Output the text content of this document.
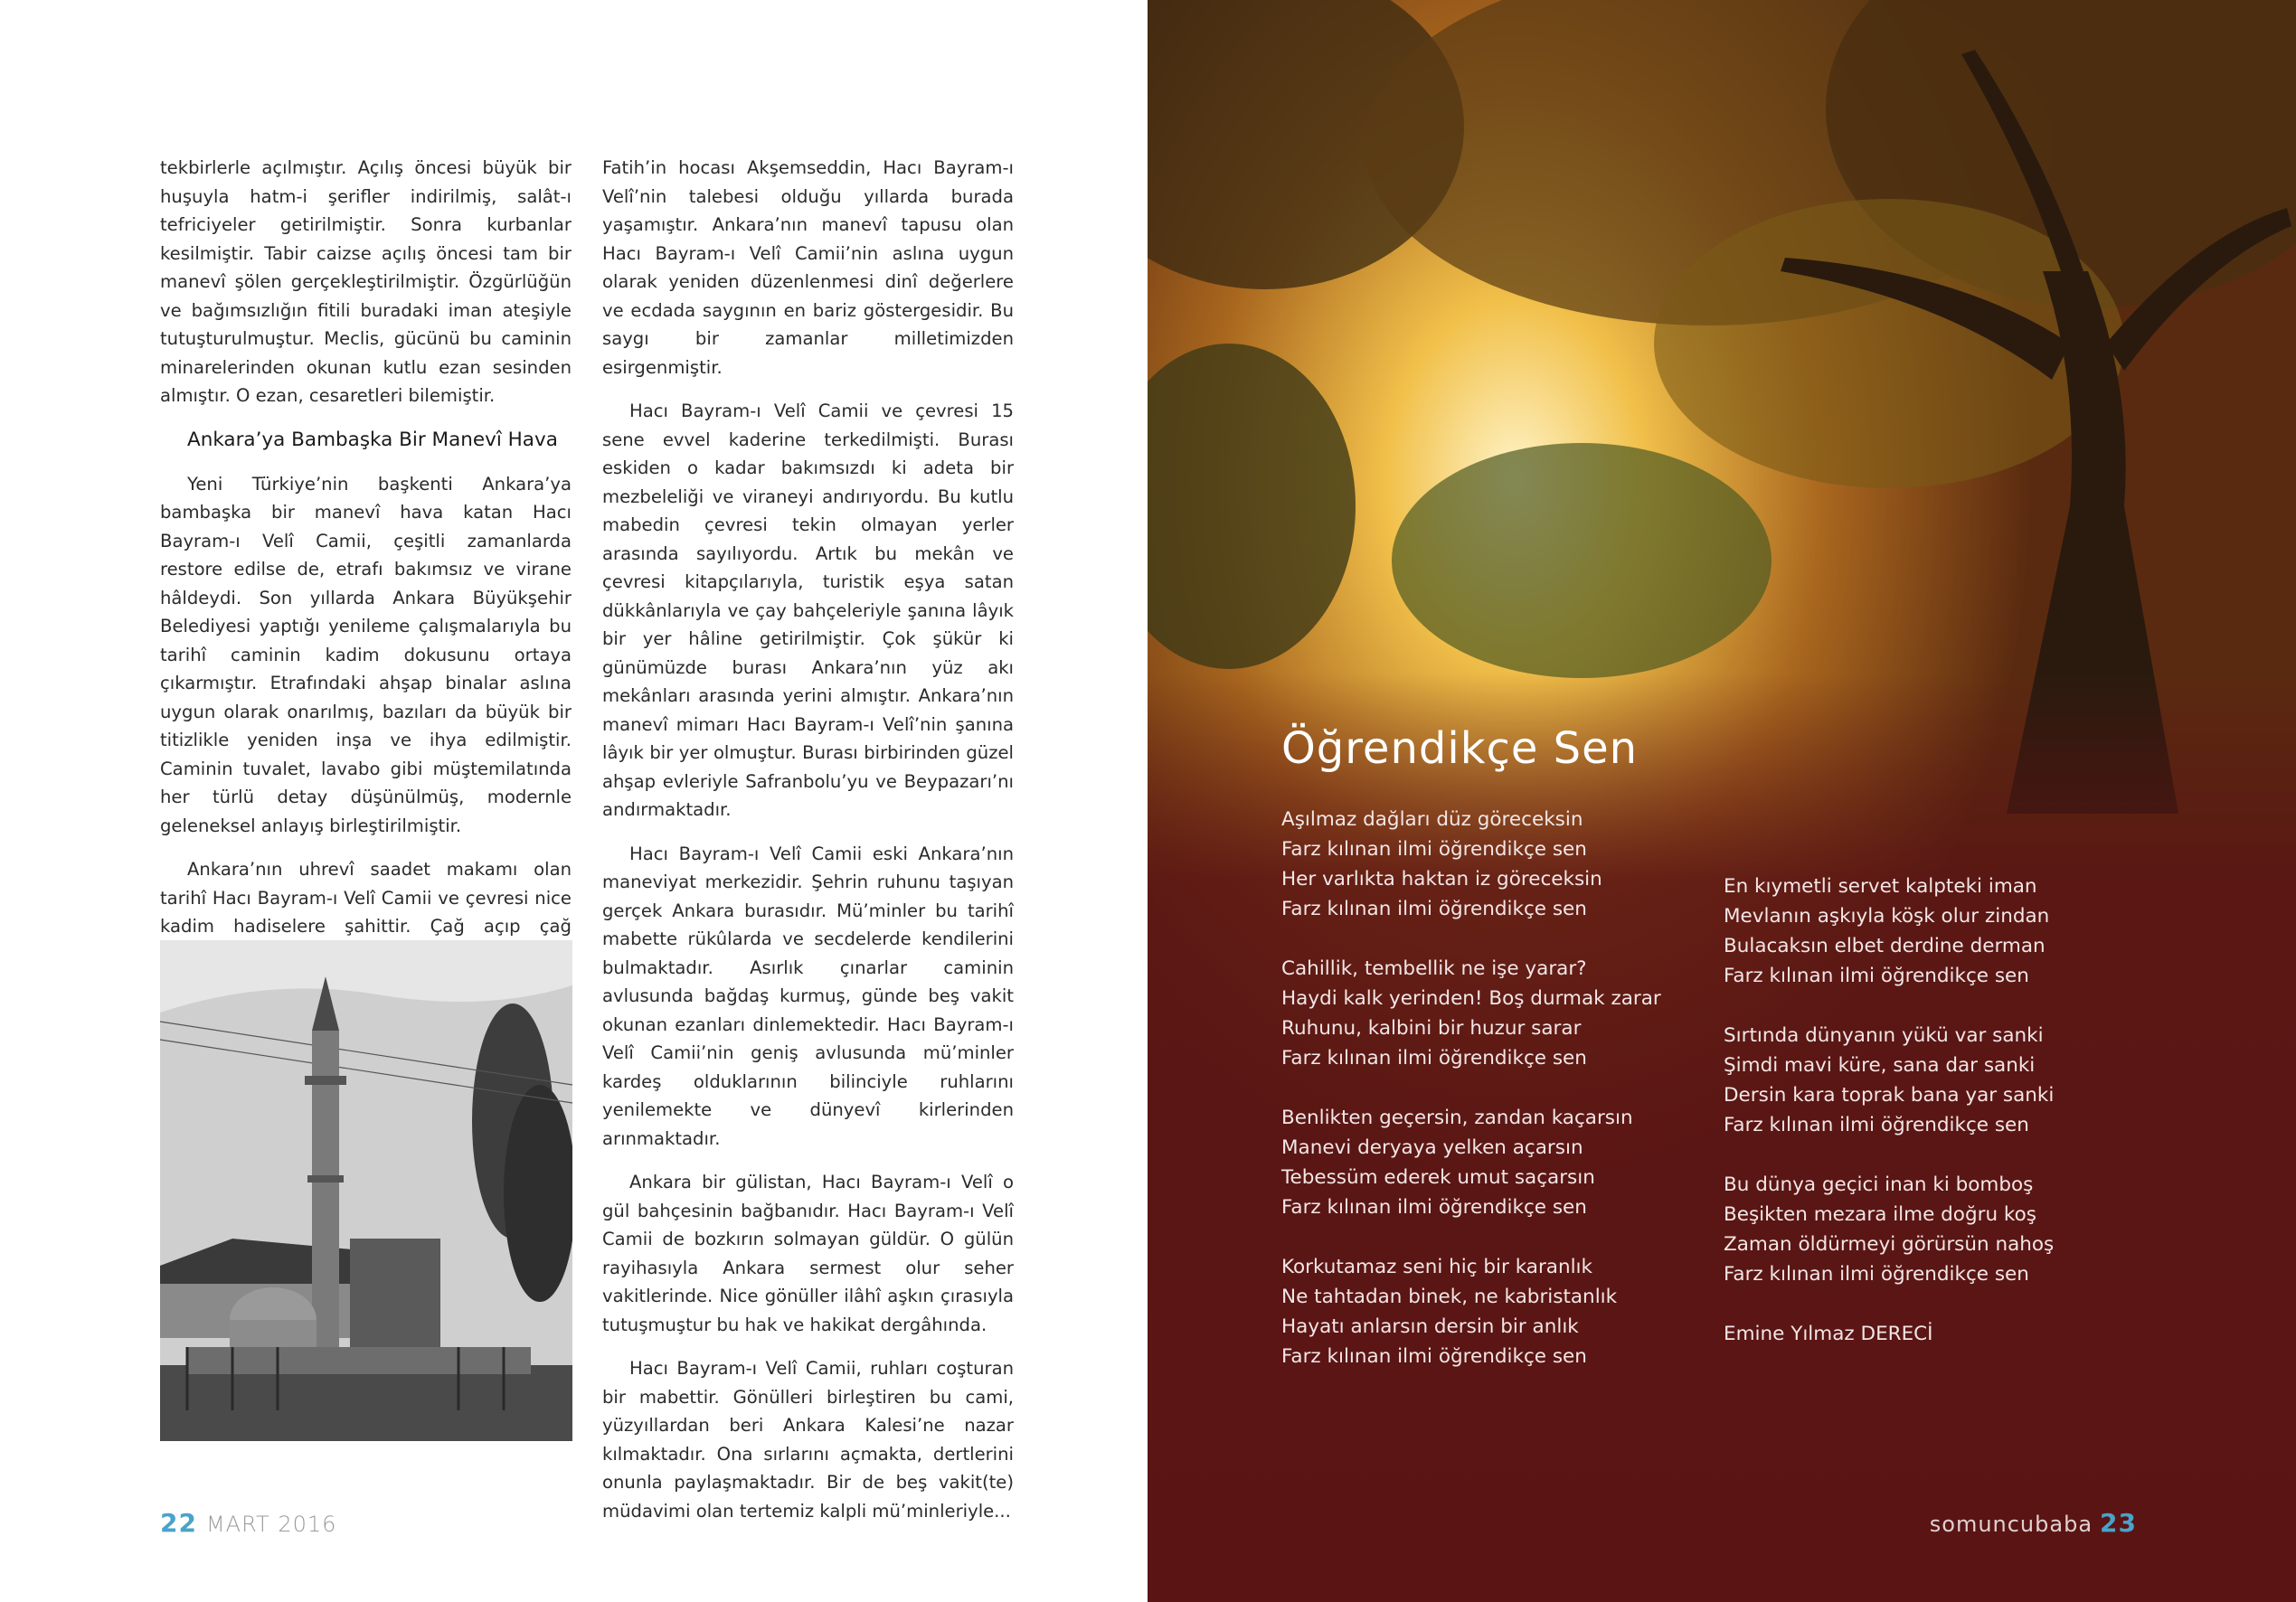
tekbirlerle açılmıştır. Açılış öncesi büyük bir huşuyla hatm-i şerifler indirilmiş, salât-ı tefriciyeler getirilmiştir. Sonra kurbanlar kesilmiştir. Tabir caizse açılış öncesi tam bir manevî şölen gerçekleştirilmiştir. Özgürlüğün ve bağımsızlığın fitili buradaki iman ateşiyle tutuşturulmuştur. Meclis, gücünü bu caminin minarelerinden okunan kutlu ezan sesinden almıştır. O ezan, cesaretleri bilemiştir.

Ankara’ya Bambaşka Bir Manevî Hava

Yeni Türkiye’nin başkenti Ankara’ya bambaşka bir manevî hava katan Hacı Bayram-ı Velî Camii, çeşitli zamanlarda restore edilse de, etrafı bakımsız ve virane hâldeydi. Son yıllarda Ankara Büyükşehir Belediyesi yaptığı yenileme çalışmalarıyla bu tarihî caminin kadim dokusunu ortaya çıkarmıştır. Etrafındaki ahşap binalar aslına uygun olarak onarılmış, bazıları da büyük bir titizlikle yeniden inşa ve ihya edilmiştir. Caminin tuvalet, lavabo gibi müştemilatında her türlü detay düşünülmüş, modernle geleneksel anlayış birleştirilmiştir.

Ankara’nın uhrevî saadet makamı olan tarihî Hacı Bayram-ı Velî Camii ve çevresi nice kadim hadiselere şahittir. Çağ açıp çağ

Fatih’in hocası Akşemseddin, Hacı Bayram-ı Velî’nin talebesi olduğu yıllarda burada yaşamıştır. Ankara’nın manevî tapusu olan Hacı Bayram-ı Velî Camii’nin aslına uygun olarak yeniden düzenlenmesi dinî değerlere ve ecdada saygının en bariz göstergesidir. Bu saygı bir zamanlar milletimizden esirgenmiştir.

Hacı Bayram-ı Velî Camii ve çevresi 15 sene evvel kaderine terkedilmişti. Burası eskiden o kadar bakımsızdı ki adeta bir mezbeleliği ve viraneyi andırıyordu. Bu kutlu mabedin çevresi tekin olmayan yerler arasında sayılıyordu. Artık bu mekân ve çevresi kitapçılarıyla, turistik eşya satan dükkânlarıyla ve çay bahçeleriyle şanına lâyık bir yer hâline getirilmiştir. Çok şükür ki günümüzde burası Ankara’nın yüz akı mekânları arasında yerini almıştır. Ankara’nın manevî mimarı Hacı Bayram-ı Velî’nin şanına lâyık bir yer olmuştur. Burası birbirinden güzel ahşap evleriyle Safranbolu’yu ve Beypazarı’nı andırmaktadır.

Hacı Bayram-ı Velî Camii eski Ankara’nın maneviyat merkezidir. Şehrin ruhunu taşıyan gerçek Ankara burasıdır. Mü’minler bu tarihî mabette rükûlarda ve secdelerde kendilerini bulmaktadır. Asırlık çınarlar caminin avlusunda bağdaş kurmuş, günde beş vakit okunan ezanları dinlemektedir. Hacı Bayram-ı Velî Camii’nin geniş avlusunda mü’minler kardeş olduklarının bilinciyle ruhlarını yenilemekte ve dünyevî kirlerinden arınmaktadır.

Ankara bir gülistan, Hacı Bayram-ı Velî o gül bahçesinin bağbanıdır. Hacı Bayram-ı Velî Camii de bozkırın solmayan güldür. O gülün rayihasıyla Ankara sermest olur seher vakitlerinde. Nice gönüller ilâhî aşkın çırasıyla tutuşmuştur bu hak ve hakikat dergâhında.

Hacı Bayram-ı Velî Camii, ruhları coşturan bir mabettir. Gönülleri birleştiren bu cami, yüzyıllardan beri Ankara Kalesi’ne nazar kılmaktadır. Ona sırlarını açmakta, dertlerini onunla paylaşmaktadır. Bir de beş vakit(te) müdavimi olan tertemiz kalpli mü’minleriyle...

22 MART 2016
Öğrendikçe Sen
Aşılmaz dağları düz göreceksin
Farz kılınan ilmi öğrendikçe sen
Her varlıkta haktan iz göreceksin
Farz kılınan ilmi öğrendikçe sen
Cahillik, tembellik ne işe yarar?
Haydi kalk yerinden! Boş durmak zarar
Ruhunu, kalbini bir huzur sarar
Farz kılınan ilmi öğrendikçe sen
Benlikten geçersin, zandan kaçarsın
Manevi deryaya yelken açarsın
Tebessüm ederek umut saçarsın
Farz kılınan ilmi öğrendikçe sen
Korkutamaz seni hiç bir karanlık
Ne tahtadan binek, ne kabristanlık
Hayatı anlarsın dersin bir anlık
Farz kılınan ilmi öğrendikçe sen
En kıymetli servet kalpteki iman
Mevlanın aşkıyla köşk olur zindan
Bulacaksın elbet derdine derman
Farz kılınan ilmi öğrendikçe sen
Sırtında dünyanın yükü var sanki
Şimdi mavi küre, sana dar sanki
Dersin kara toprak bana yar sanki
Farz kılınan ilmi öğrendikçe sen
Bu dünya geçici inan ki bomboş
Beşikten mezara ilme doğru koş
Zaman öldürmeyi görürsün nahoş
Farz kılınan ilmi öğrendikçe sen
Emine Yılmaz DERECİ
somuncubaba 23
